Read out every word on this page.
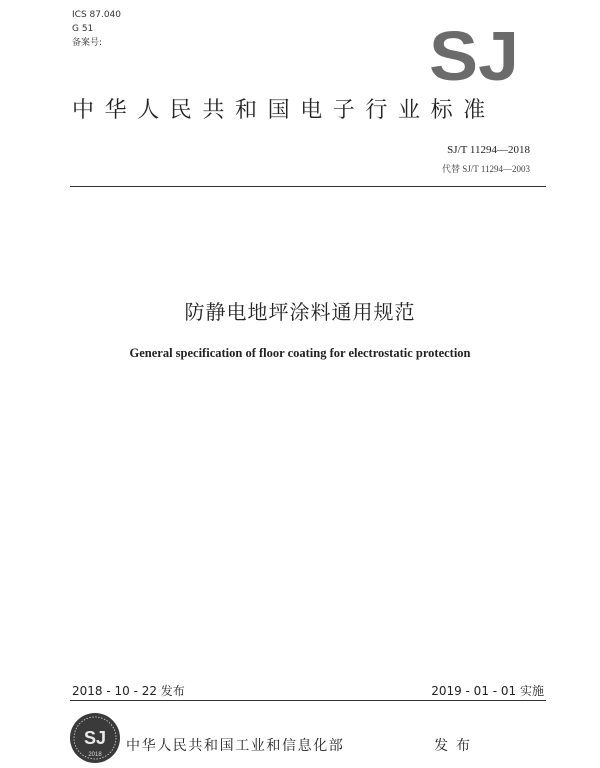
ICS 87.040
G 51
备案号:	SJ
中华人民共和国电子行业标准
SJ/T 11294—2018
代替 SJ/T 11294—2003
防静电地坪涂料通用规范
General specification of floor coating for electrostatic protection
2018 - 10 - 22 发布	2019 - 01 - 01 实施
SJ
2018
中华人民共和国工业和信息化部	发布
